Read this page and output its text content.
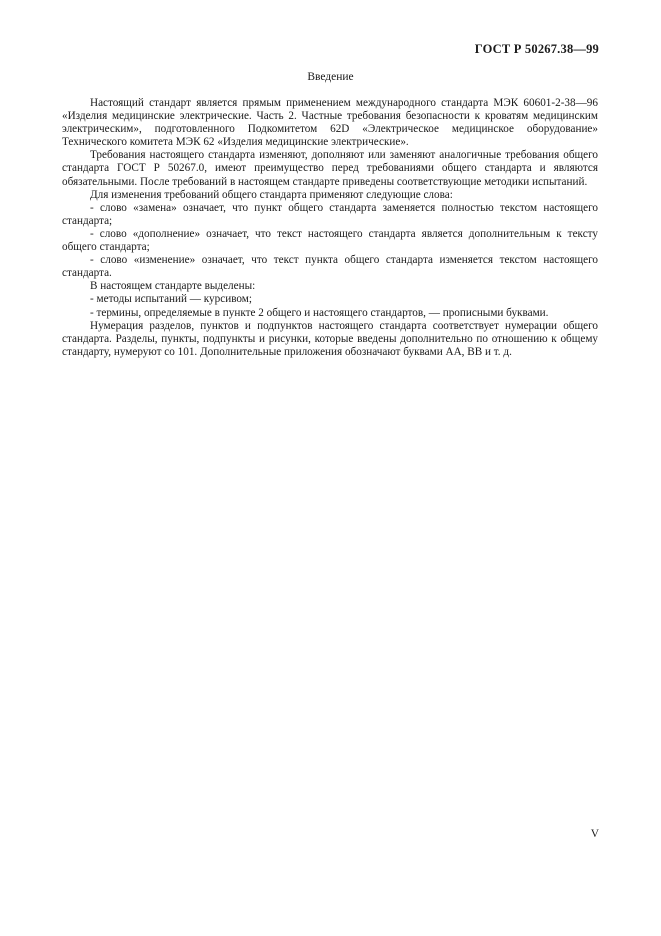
ГОСТ Р 50267.38—99
Введение

Настоящий стандарт является прямым применением международного стандарта МЭК 60601-2-38—96 «Изделия медицинские электрические. Часть 2. Частные требования безопасности к кроватям медицинским электрическим», подготовленного Подкомитетом 62D «Электрическое медицинское оборудование» Технического комитета МЭК 62 «Изделия медицинские электрические».

Требования настоящего стандарта изменяют, дополняют или заменяют аналогичные требования общего стандарта ГОСТ Р 50267.0, имеют преимущество перед требованиями общего стандарта и являются обязательными. После требований в настоящем стандарте приведены соответствующие методики испытаний.

Для изменения требований общего стандарта применяют следующие слова:

- слово «замена» означает, что пункт общего стандарта заменяется полностью текстом настоящего стандарта;

- слово «дополнение» означает, что текст настоящего стандарта является дополнительным к тексту общего стандарта;

- слово «изменение» означает, что текст пункта общего стандарта изменяется текстом настоящего стандарта.

В настоящем стандарте выделены:

- методы испытаний — курсивом;

- термины, определяемые в пункте 2 общего и настоящего стандартов, — прописными буквами.

Нумерация разделов, пунктов и подпунктов настоящего стандарта соответствует нумерации общего стандарта. Разделы, пункты, подпункты и рисунки, которые введены дополнительно по отношению к общему стандарту, нумеруют со 101. Дополнительные приложения обозначают буквами AA, BB и т. д.

V
